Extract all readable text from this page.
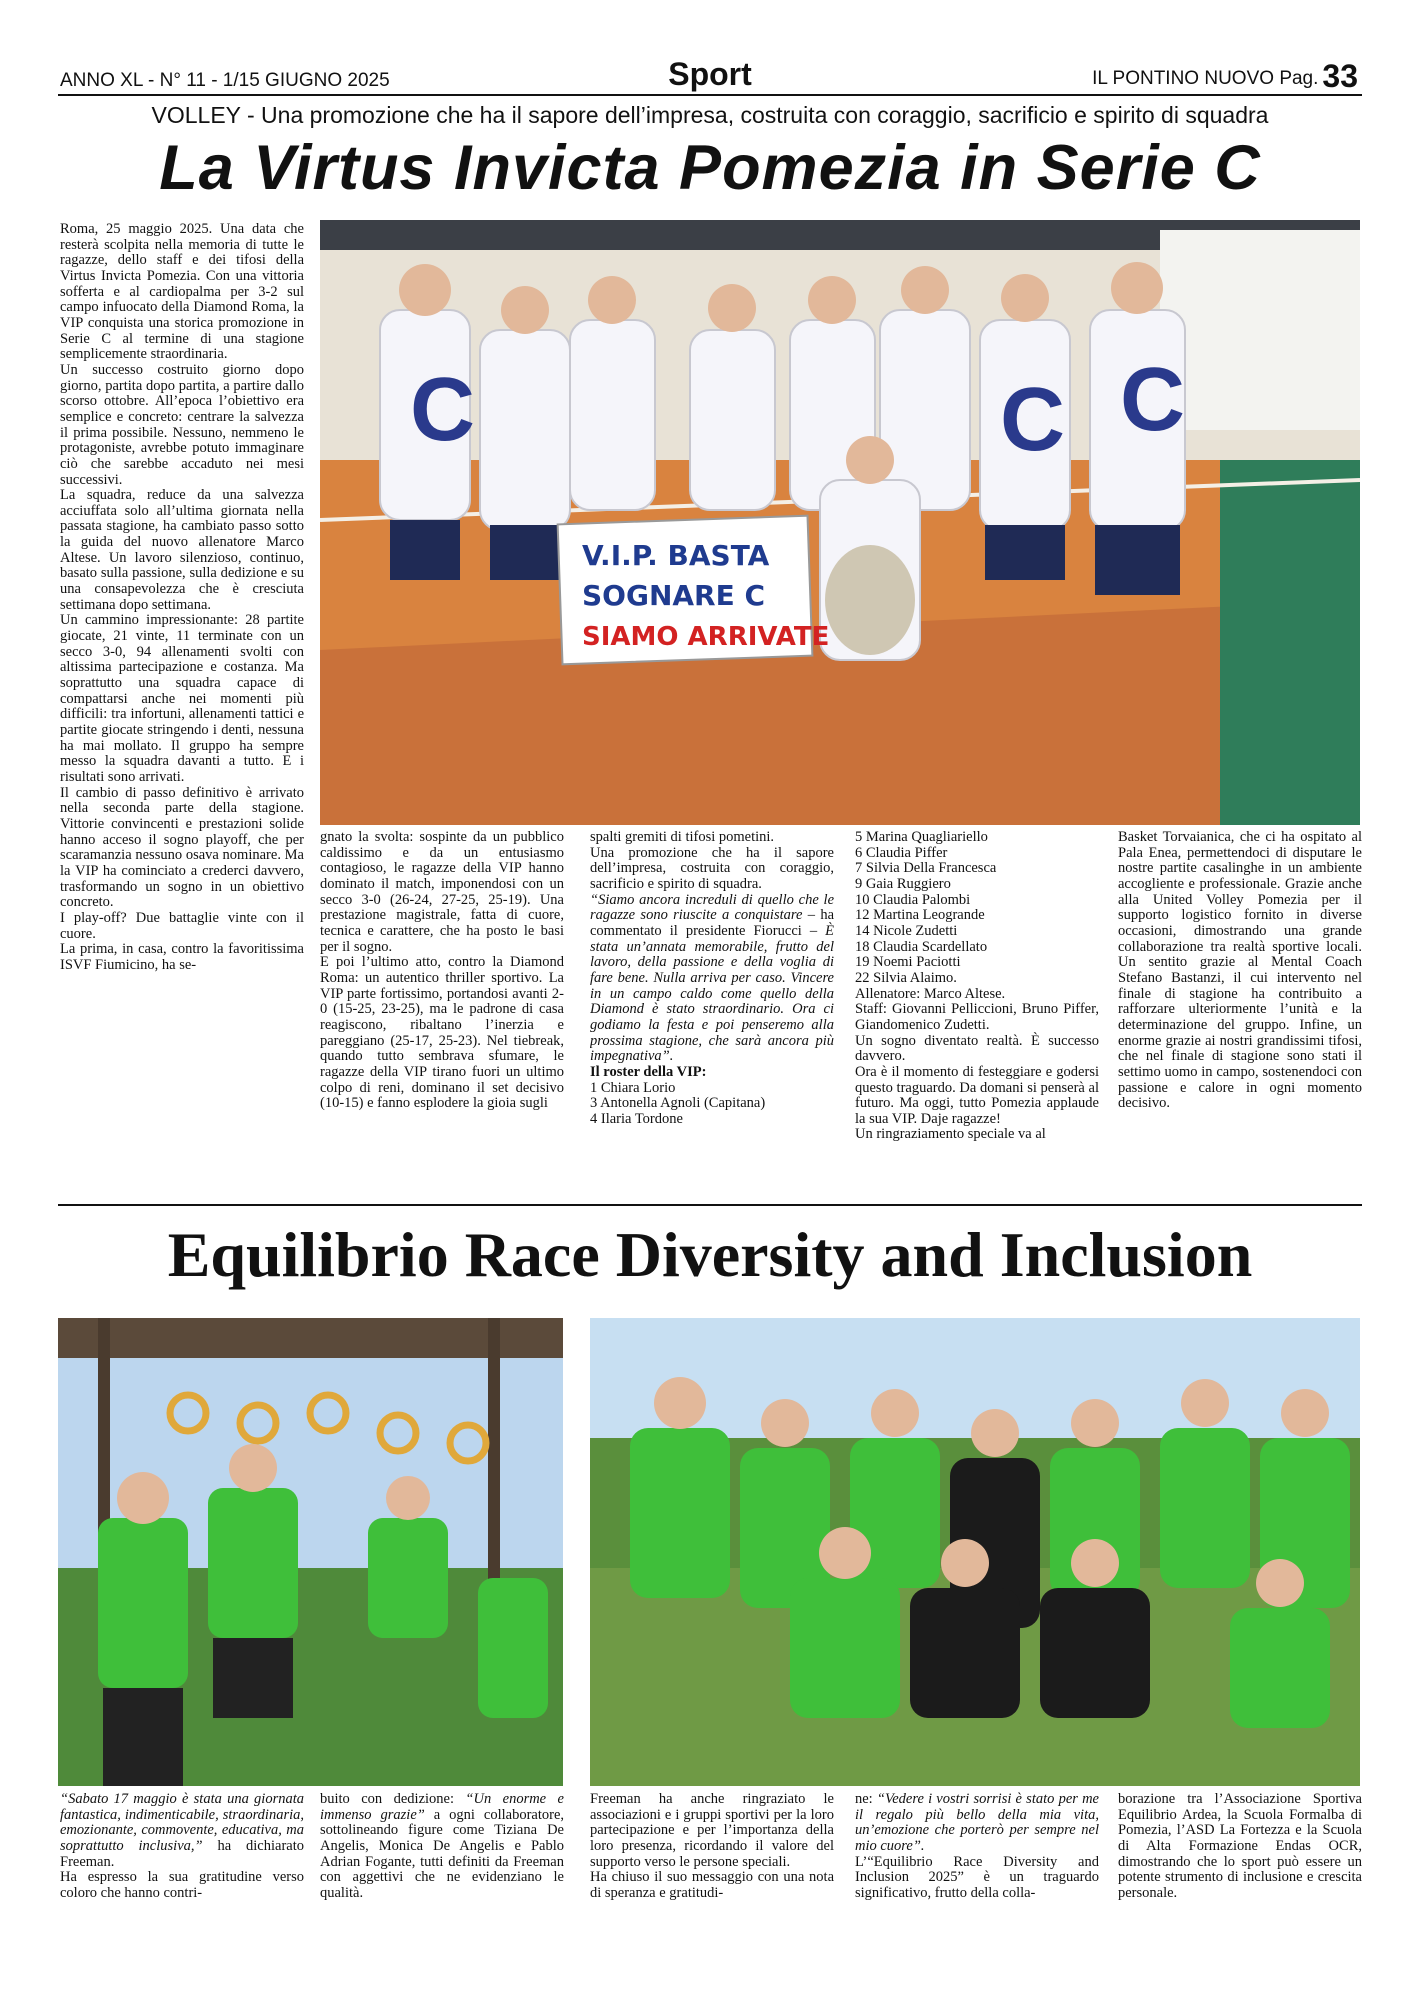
ANNO XL - N° 11 - 1/15 GIUGNO 2025	Sport	IL PONTINO NUOVO Pag. 33
VOLLEY - Una promozione che ha il sapore dell’impresa, costruita con coraggio, sacrificio e spirito di squadra
La Virtus Invicta Pomezia in Serie C

Roma, 25 maggio 2025. Una data che resterà scolpita nella memoria di tutte le ragazze, dello staff e dei tifosi della Virtus Invicta Pomezia. Con una vittoria sofferta e al cardiopalma per 3-2 sul campo infuocato della Diamond Roma, la VIP conquista una storica promozione in Serie C al termine di una stagione semplicemente straordinaria.

Un successo costruito giorno dopo giorno, partita dopo partita, a partire dallo scorso ottobre. All’epoca l’obiettivo era semplice e concreto: centrare la salvezza il prima possibile. Nessuno, nemmeno le protagoniste, avrebbe potuto immaginare ciò che sarebbe accaduto nei mesi successivi.

La squadra, reduce da una salvezza acciuffata solo all’ultima giornata nella passata stagione, ha cambiato passo sotto la guida del nuovo allenatore Marco Altese. Un lavoro silenzioso, continuo, basato sulla passione, sulla dedizione e su una consapevolezza che è cresciuta settimana dopo settimana.

Un cammino impressionante: 28 partite giocate, 21 vinte, 11 terminate con un secco 3-0, 94 allenamenti svolti con altissima partecipazione e costanza. Ma soprattutto una squadra capace di compattarsi anche nei momenti più difficili: tra infortuni, allenamenti tattici e partite giocate stringendo i denti, nessuna ha mai mollato. Il gruppo ha sempre messo la squadra davanti a tutto. E i risultati sono arrivati.

Il cambio di passo definitivo è arrivato nella seconda parte della stagione. Vittorie convincenti e prestazioni solide hanno acceso il sogno playoff, che per scaramanzia nessuno osava nominare. Ma la VIP ha cominciato a crederci davvero, trasformando un sogno in un obiettivo concreto.

I play-off? Due battaglie vinte con il cuore.

La prima, in casa, contro la favoritissima ISVF Fiumicino, ha se-

C	C C
V.I.P. BASTA
SOGNARE C
SIAMO ARRIVATE

gnato la svolta: sospinte da un pubblico caldissimo e da un entusiasmo contagioso, le ragazze della VIP hanno dominato il match, imponendosi con un secco 3-0 (26-24, 27-25, 25-19). Una prestazione magistrale, fatta di cuore, tecnica e carattere, che ha posto le basi per il sogno.

E poi l’ultimo atto, contro la Diamond Roma: un autentico thriller sportivo. La VIP parte fortissimo, portandosi avanti 2-0 (15-25, 23-25), ma le padrone di casa reagiscono, ribaltano l’inerzia e pareggiano (25-17, 25-23). Nel tiebreak, quando tutto sembrava sfumare, le ragazze della VIP tirano fuori un ultimo colpo di reni, dominano il set decisivo (10-15) e fanno esplodere la gioia sugli

spalti gremiti di tifosi pometini.

Una promozione che ha il sapore dell’impresa, costruita con coraggio, sacrificio e spirito di squadra.

“Siamo ancora increduli di quello che le ragazze sono riuscite a conquistare – ha commentato il presidente Fiorucci – È stata un’annata memorabile, frutto del lavoro, della passione e della voglia di fare bene. Nulla arriva per caso. Vincere in un campo caldo come quello della Diamond è stato straordinario. Ora ci godiamo la festa e poi penseremo alla prossima stagione, che sarà ancora più impegnativa”.

Il roster della VIP:

1 Chiara Lorio

3 Antonella Agnoli (Capitana)

4 Ilaria Tordone

5 Marina Quagliariello

6 Claudia Piffer

7 Silvia Della Francesca

9 Gaia Ruggiero

10 Claudia Palombi

12 Martina Leogrande

14 Nicole Zudetti

18 Claudia Scardellato

19 Noemi Paciotti

22 Silvia Alaimo.

Allenatore: Marco Altese.

Staff: Giovanni Pelliccioni, Bruno Piffer, Giandomenico Zudetti.

Un sogno diventato realtà. È successo davvero.

Ora è il momento di festeggiare e godersi questo traguardo. Da domani si penserà al futuro. Ma oggi, tutto Pomezia applaude la sua VIP. Daje ragazze!

Un ringraziamento speciale va al

Basket Torvaianica, che ci ha ospitato al Pala Enea, permettendoci di disputare le nostre partite casalinghe in un ambiente accogliente e professionale. Grazie anche alla United Volley Pomezia per il supporto logistico fornito in diverse occasioni, dimostrando una grande collaborazione tra realtà sportive locali. Un sentito grazie al Mental Coach Stefano Bastanzi, il cui intervento nel finale di stagione ha contribuito a rafforzare ulteriormente l’unità e la determinazione del gruppo. Infine, un enorme grazie ai nostri grandissimi tifosi, che nel finale di stagione sono stati il settimo uomo in campo, sostenendoci con passione e calore in ogni momento decisivo.

Equilibrio Race Diversity and Inclusion

“Sabato 17 maggio è stata una giornata fantastica, indimenticabile, straordinaria, emozionante, commovente, educativa, ma soprattutto inclusiva,” ha dichiarato Freeman.

Ha espresso la sua gratitudine verso coloro che hanno contri-

buito con dedizione: “Un enorme e immenso grazie” a ogni collaboratore, sottolineando figure come Tiziana De Angelis, Monica De Angelis e Pablo Adrian Fogante, tutti definiti da Freeman con aggettivi che ne evidenziano le qualità.

Freeman ha anche ringraziato le associazioni e i gruppi sportivi per la loro partecipazione e per l’importanza della loro presenza, ricordando il valore del supporto verso le persone speciali.

Ha chiuso il suo messaggio con una nota di speranza e gratitudi-

ne: “Vedere i vostri sorrisi è stato per me il regalo più bello della mia vita, un’emozione che porterò per sempre nel mio cuore”.

L’“Equilibrio Race Diversity and Inclusion 2025” è un traguardo significativo, frutto della colla-

borazione tra l’Associazione Sportiva Equilibrio Ardea, la Scuola Formalba di Pomezia, l’ASD La Fortezza e la Scuola di Alta Formazione Endas OCR, dimostrando che lo sport può essere un potente strumento di inclusione e crescita personale.
